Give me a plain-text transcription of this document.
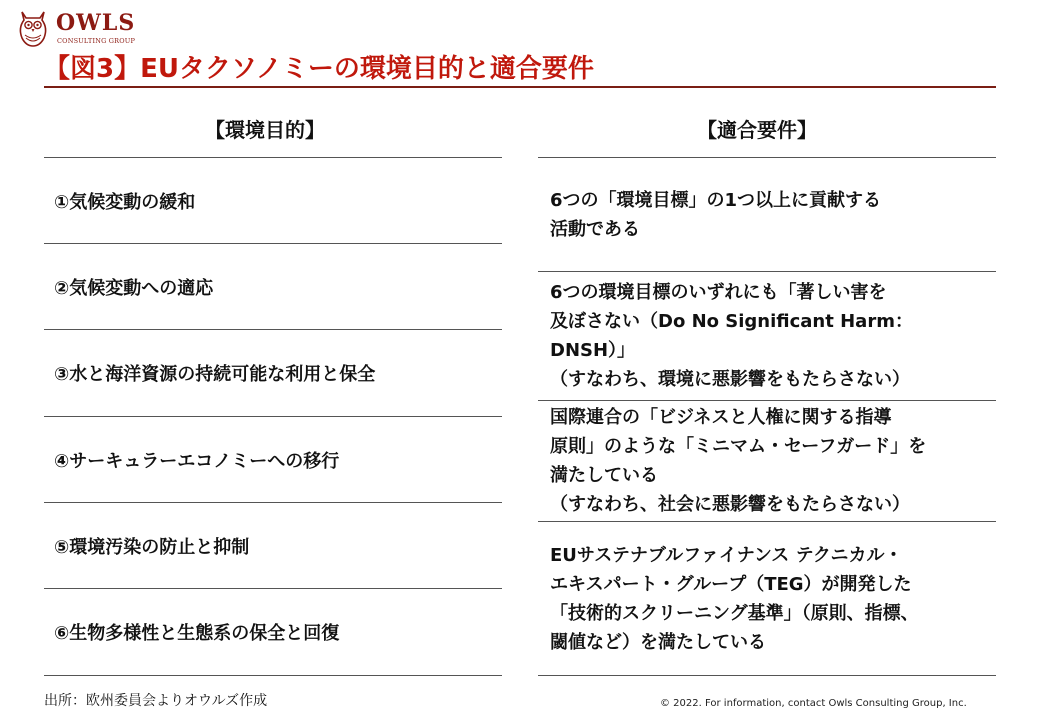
OWLS
CONSULTING GROUP
【図3】EUタクソノミーの環境目的と適合要件
【環境目的】	【適合要件】
①気候変動の緩和
②気候変動への適応
③水と海洋資源の持続可能な利用と保全
④サーキュラーエコノミーへの移行
⑤環境汚染の防止と抑制
⑥生物多様性と生態系の保全と回復
6つの「環境目標」の1つ以上に貢献する
活動である
6つの環境目標のいずれにも「著しい害を
及ぼさない（Do No Significant Harm：
DNSH）」
（すなわち、環境に悪影響をもたらさない）
国際連合の「ビジネスと人権に関する指導
原則」のような「ミニマム・セーフガード」を
満たしている
（すなわち、社会に悪影響をもたらさない）
EUサステナブルファイナンス テクニカル・
エキスパート・グループ（TEG）が開発した
「技術的スクリーニング基準」（原則、指標、
閾値など）を満たしている
出所：欧州委員会よりオウルズ作成	© 2022. For information, contact Owls Consulting Group, Inc.
